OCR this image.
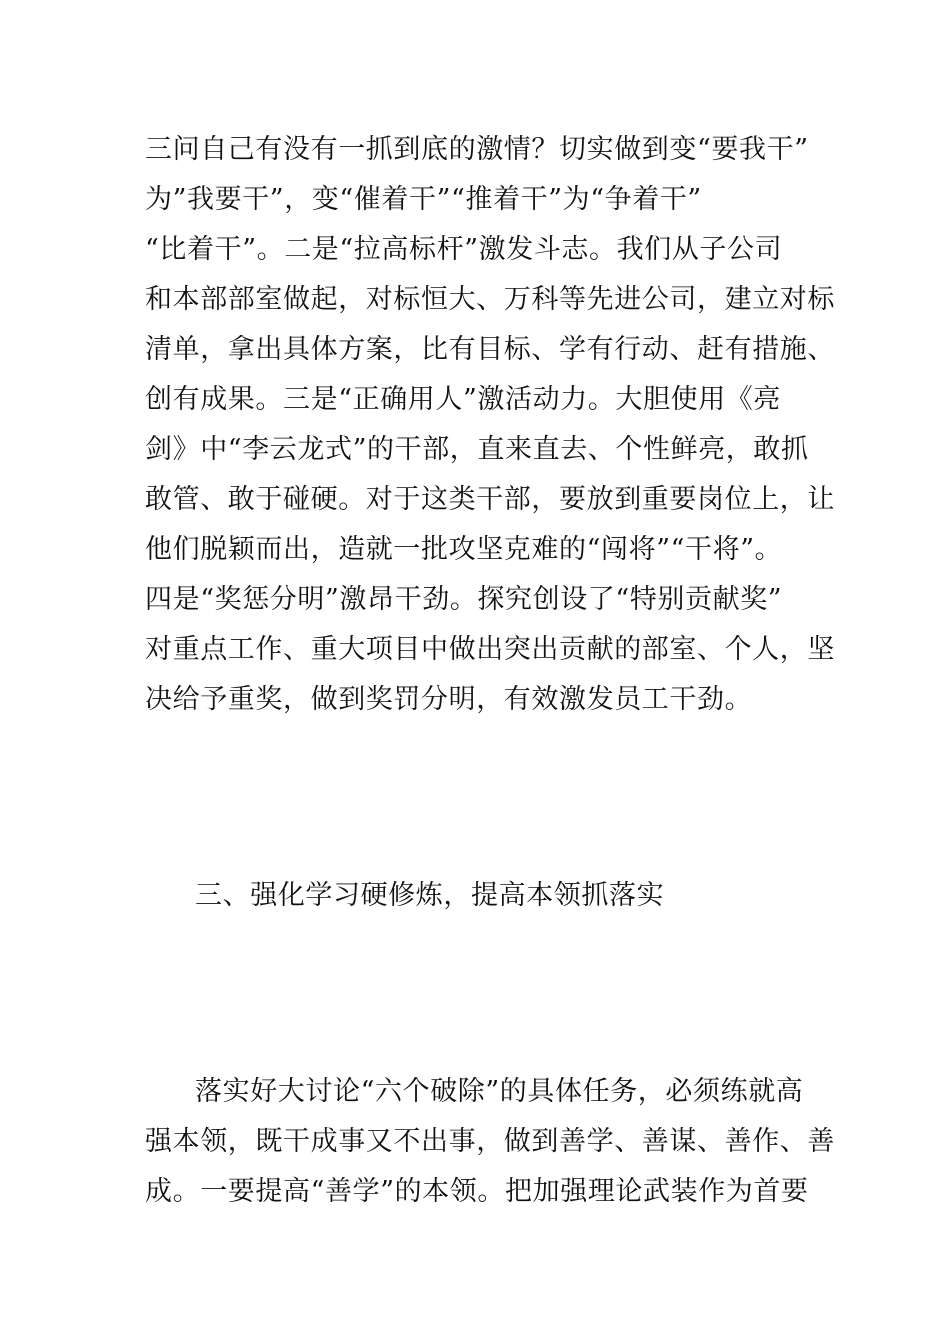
三问自己有没有一抓到底的激情？切实做到变“要我干”
为”我要干”，变“催着干”“推着干”为“争着干”
“比着干”。二是“拉高标杆”激发斗志。我们从子公司
和本部部室做起，对标恒大、万科等先进公司，建立对标
清单，拿出具体方案，比有目标、学有行动、赶有措施、
创有成果。三是“正确用人”激活动力。大胆使用《亮
剑》中“李云龙式”的干部，直来直去、个性鲜亮，敢抓
敢管、敢于碰硬。对于这类干部，要放到重要岗位上，让
他们脱颖而出，造就一批攻坚克难的“闯将”“干将”。
四是“奖惩分明”激昂干劲。探究创设了“特别贡献奖”
对重点工作、重大项目中做出突出贡献的部室、个人，坚
决给予重奖，做到奖罚分明，有效激发员工干劲。
三、强化学习硬修炼，提高本领抓落实
落实好大讨论“六个破除”的具体任务，必须练就高
强本领，既干成事又不出事，做到善学、善谋、善作、善
成。一要提高“善学”的本领。把加强理论武装作为首要
